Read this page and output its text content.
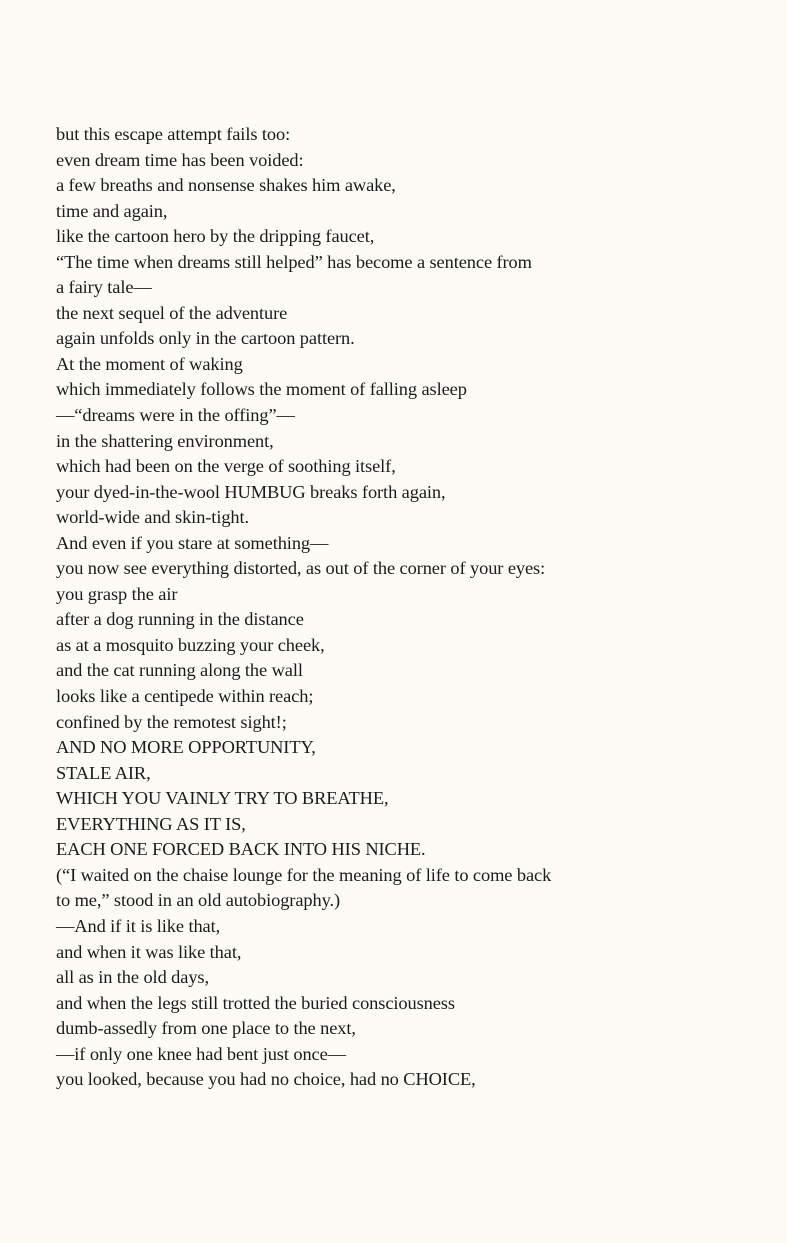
but this escape attempt fails too:
even dream time has been voided:
a few breaths and nonsense shakes him awake,
time and again,
like the cartoon hero by the dripping faucet,
“The time when dreams still helped” has become a sentence from
a fairy tale—
the next sequel of the adventure
again unfolds only in the cartoon pattern.
At the moment of waking
which immediately follows the moment of falling asleep
—“dreams were in the offing”—
in the shattering environment,
which had been on the verge of soothing itself,
your dyed-in-the-wool HUMBUG breaks forth again,
world-wide and skin-tight.
And even if you stare at something—
you now see everything distorted, as out of the corner of your eyes:
you grasp the air
after a dog running in the distance
as at a mosquito buzzing your cheek,
and the cat running along the wall
looks like a centipede within reach;
confined by the remotest sight!;
AND NO MORE OPPORTUNITY,
STALE AIR,
WHICH YOU VAINLY TRY TO BREATHE,
EVERYTHING AS IT IS,
EACH ONE FORCED BACK INTO HIS NICHE.
(“I waited on the chaise lounge for the meaning of life to come back
to me,” stood in an old autobiography.)
—And if it is like that,
and when it was like that,
all as in the old days,
and when the legs still trotted the buried consciousness
dumb-assedly from one place to the next,
—if only one knee had bent just once—
you looked, because you had no choice, had no CHOICE,
